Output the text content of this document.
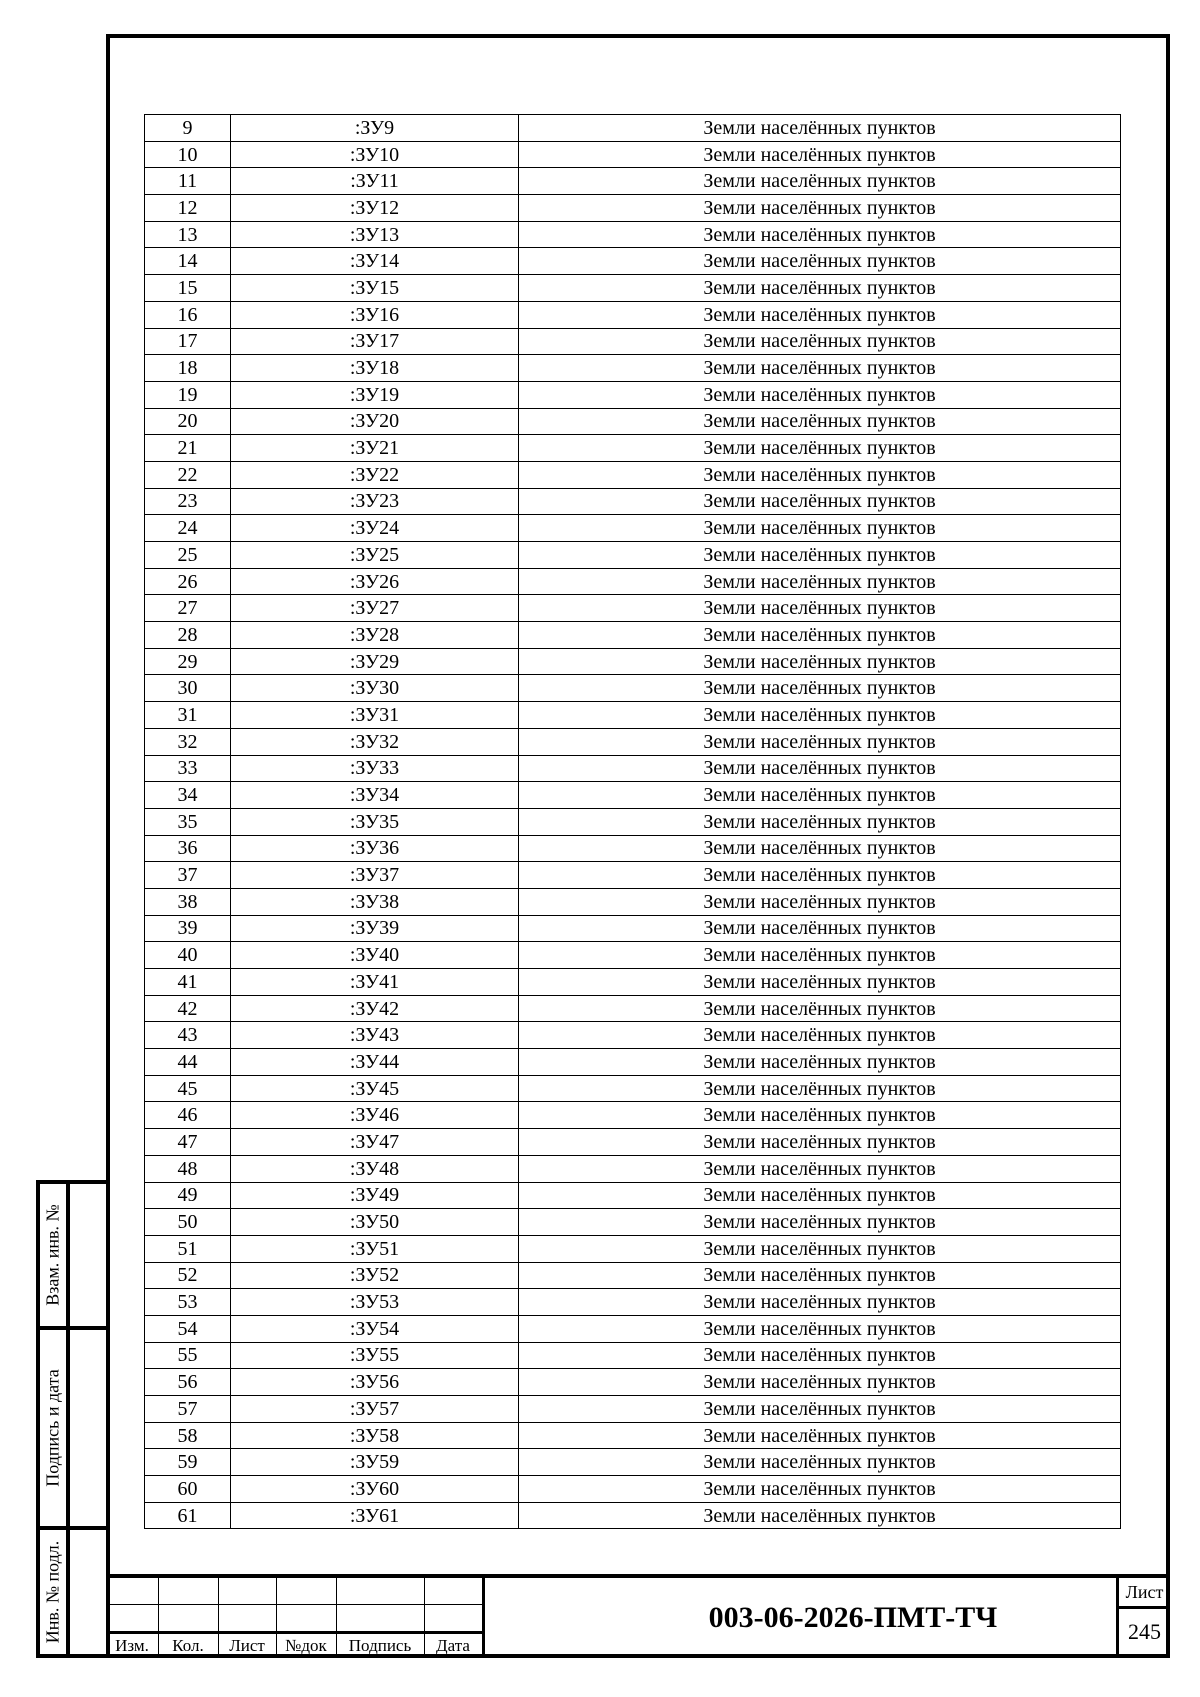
9	:ЗУ9	Земли населённых пунктов
10	:ЗУ10	Земли населённых пунктов
11	:ЗУ11	Земли населённых пунктов
12	:ЗУ12	Земли населённых пунктов
13	:ЗУ13	Земли населённых пунктов
14	:ЗУ14	Земли населённых пунктов
15	:ЗУ15	Земли населённых пунктов
16	:ЗУ16	Земли населённых пунктов
17	:ЗУ17	Земли населённых пунктов
18	:ЗУ18	Земли населённых пунктов
19	:ЗУ19	Земли населённых пунктов
20	:ЗУ20	Земли населённых пунктов
21	:ЗУ21	Земли населённых пунктов
22	:ЗУ22	Земли населённых пунктов
23	:ЗУ23	Земли населённых пунктов
24	:ЗУ24	Земли населённых пунктов
25	:ЗУ25	Земли населённых пунктов
26	:ЗУ26	Земли населённых пунктов
27	:ЗУ27	Земли населённых пунктов
28	:ЗУ28	Земли населённых пунктов
29	:ЗУ29	Земли населённых пунктов
30	:ЗУ30	Земли населённых пунктов
31	:ЗУ31	Земли населённых пунктов
32	:ЗУ32	Земли населённых пунктов
33	:ЗУ33	Земли населённых пунктов
34	:ЗУ34	Земли населённых пунктов
35	:ЗУ35	Земли населённых пунктов
36	:ЗУ36	Земли населённых пунктов
37	:ЗУ37	Земли населённых пунктов
38	:ЗУ38	Земли населённых пунктов
39	:ЗУ39	Земли населённых пунктов
40	:ЗУ40	Земли населённых пунктов
41	:ЗУ41	Земли населённых пунктов
42	:ЗУ42	Земли населённых пунктов
43	:ЗУ43	Земли населённых пунктов
44	:ЗУ44	Земли населённых пунктов
45	:ЗУ45	Земли населённых пунктов
46	:ЗУ46	Земли населённых пунктов
47	:ЗУ47	Земли населённых пунктов
48	:ЗУ48	Земли населённых пунктов
49	:ЗУ49	Земли населённых пунктов
50	:ЗУ50	Земли населённых пунктов
51	:ЗУ51	Земли населённых пунктов
52	:ЗУ52	Земли населённых пунктов
53	:ЗУ53	Земли населённых пунктов
54	:ЗУ54	Земли населённых пунктов
55	:ЗУ55	Земли населённых пунктов
56	:ЗУ56	Земли населённых пунктов
57	:ЗУ57	Земли населённых пунктов
58	:ЗУ58	Земли населённых пунктов
59	:ЗУ59	Земли населённых пунктов
60	:ЗУ60	Земли населённых пунктов
61	:ЗУ61	Земли населённых пунктов
Взам. инв. №
Подпись и дата
Инв. № подл.
Изм.	Кол.	Лист	№док	Подпись	Дата
003-06-2026-ПМТ-ТЧ
Лист
245
